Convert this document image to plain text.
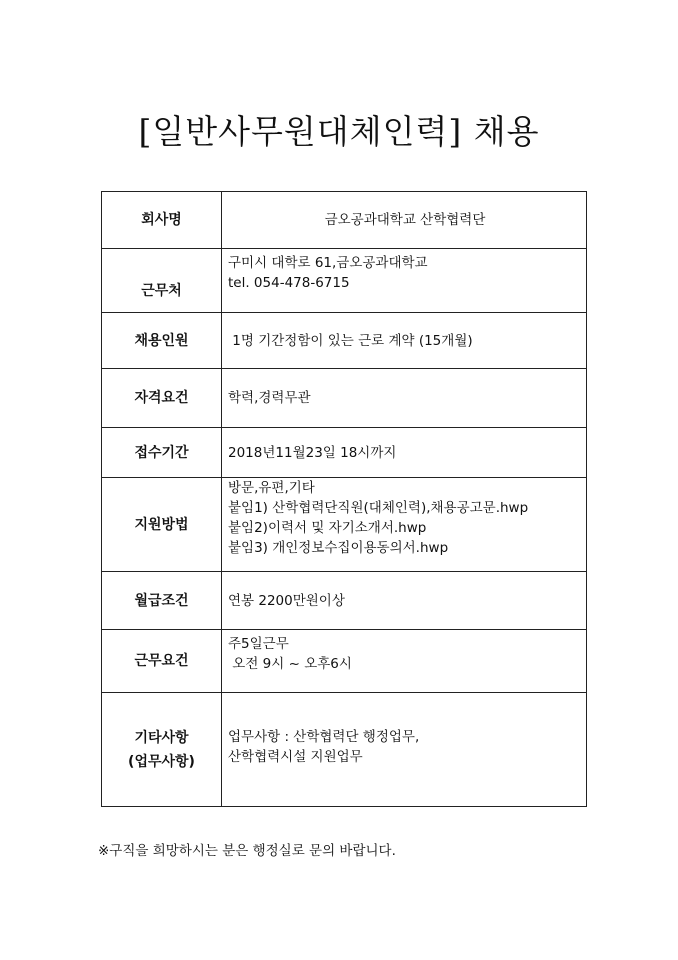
[일반사무원대체인력] 채용
회사명	금오공과대학교 산학협력단

근무처	구미시 대학로 61,금오공과대학교
tel. 054-478-6715

채용인원	1명 기간정함이 있는 근로 계약 (15개월)

자격요건	학력,경력무관

접수기간	2018년11월23일 18시까지

지원방법	방문,유편,기타
붙임1) 산학협력단직원(대체인력),채용공고문.hwp
붙임2)이력서 및 자기소개서.hwp
붙임3) 개인정보수집이용동의서.hwp

월급조건	연봉 2200만원이상

근무요건	주5일근무
오전 9시 ~ 오후6시

기타사항
(업무사항)	업무사항 : 산학협력단 행정업무,
산학협력시설 지원업무
※구직을 희망하시는 분은 행정실로 문의 바랍니다.
